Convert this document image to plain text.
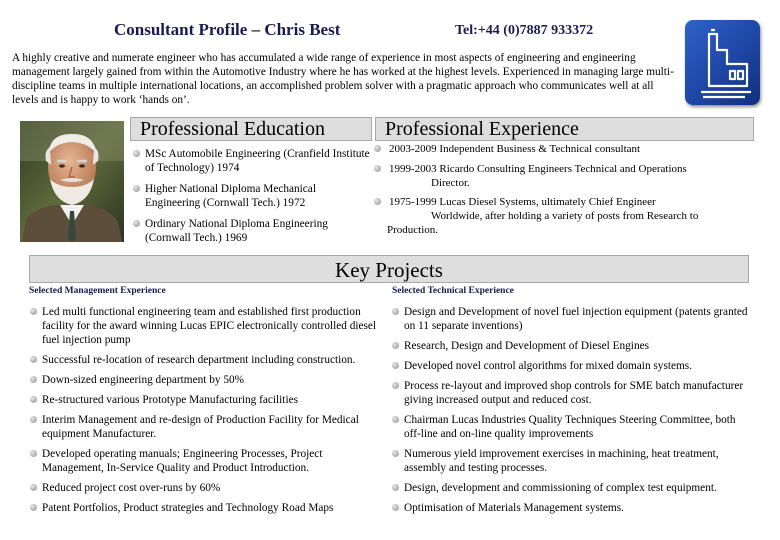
Consultant Profile – Chris Best	Tel:+44 (0)7887 933372
A highly creative and numerate engineer who has accumulated a wide range of experience in most aspects of engineering and engineering management largely gained from within the Automotive Industry where he has worked at the highest levels. Experienced in managing large multi-discipline teams in multiple international locations, an accomplished problem solver with a pragmatic approach who communicates well at all levels and is happy to work ‘hands on’.
Professional Education	Professional Experience
MSc Automobile Engineering (Cranfield Institute of Technology) 1974
Higher National Diploma Mechanical Engineering (Cornwall Tech.) 1972
Ordinary National Diploma Engineering (Cornwall Tech.) 1969
2003-2009 Independent Business & Technical consultant
1999-2003 Ricardo Consulting Engineers Technical and Operations
Director.
1975-1999 Lucas Diesel Systems, ultimately Chief Engineer
Worldwide, after holding a variety of posts from Research to
Production.
Key Projects
Selected Management Experience	Selected Technical Experience
Led multi functional engineering team and established first production facility for the award winning Lucas EPIC electronically controlled diesel fuel injection pump
Successful re-location of research department including construction.
Down-sized engineering department by 50%
Re-structured various Prototype Manufacturing facilities
Interim Management and re-design of Production Facility for Medical equipment Manufacturer.
Developed operating manuals; Engineering Processes, Project Management, In-Service Quality and Product Introduction.
Reduced project cost over-runs by 60%
Patent Portfolios, Product strategies and Technology Road Maps
Design and Development of novel fuel injection equipment (patents granted on 11 separate inventions)
Research, Design and Development of Diesel Engines
Developed novel control algorithms for mixed domain systems.
Process re-layout and improved shop controls for SME batch manufacturer giving increased output and reduced cost.
Chairman Lucas Industries Quality Techniques Steering Committee, both off-line and on-line quality improvements
Numerous yield improvement exercises in machining, heat treatment, assembly and testing processes.
Design, development and commissioning of complex test equipment.
Optimisation of Materials Management systems.
